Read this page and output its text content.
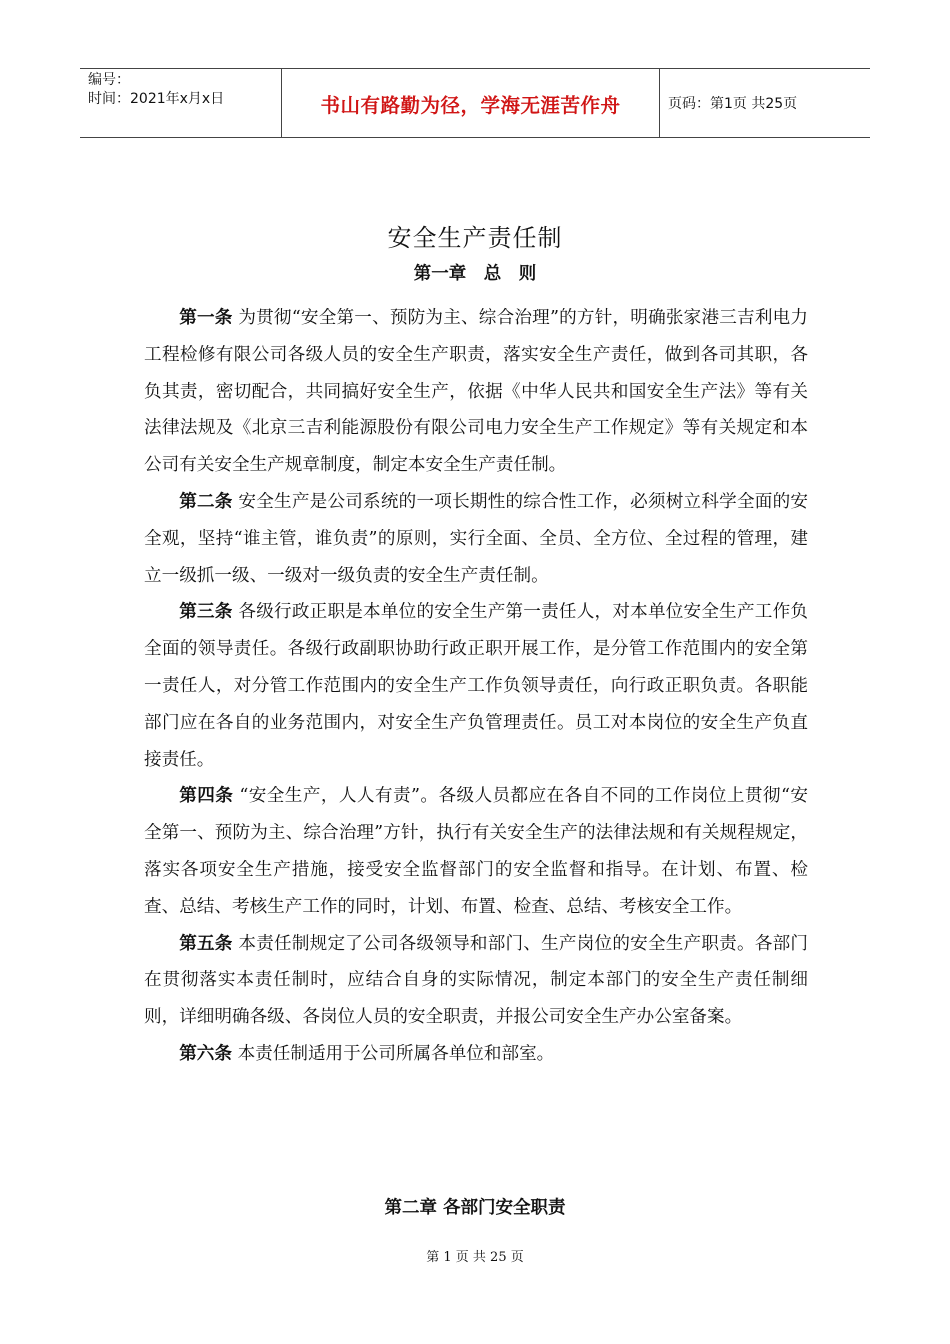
编号：
时间：2021年x月x日	书山有路勤为径，学海无涯苦作舟	页码：第1页 共25页
安全生产责任制
第一章　总　则

第一条 为贯彻“安全第一、预防为主、综合治理”的方针，明确张家港三吉利电力工程检修有限公司各级人员的安全生产职责，落实安全生产责任，做到各司其职，各负其责，密切配合，共同搞好安全生产，依据《中华人民共和国安全生产法》等有关法律法规及《北京三吉利能源股份有限公司电力安全生产工作规定》等有关规定和本公司有关安全生产规章制度，制定本安全生产责任制。

第二条 安全生产是公司系统的一项长期性的综合性工作，必须树立科学全面的安全观，坚持“谁主管，谁负责”的原则，实行全面、全员、全方位、全过程的管理，建立一级抓一级、一级对一级负责的安全生产责任制。

第三条 各级行政正职是本单位的安全生产第一责任人，对本单位安全生产工作负全面的领导责任。各级行政副职协助行政正职开展工作，是分管工作范围内的安全第一责任人，对分管工作范围内的安全生产工作负领导责任，向行政正职负责。各职能部门应在各自的业务范围内，对安全生产负管理责任。员工对本岗位的安全生产负直接责任。

第四条 “安全生产，人人有责”。各级人员都应在各自不同的工作岗位上贯彻“安全第一、预防为主、综合治理”方针，执行有关安全生产的法律法规和有关规程规定，落实各项安全生产措施，接受安全监督部门的安全监督和指导。在计划、布置、检查、总结、考核生产工作的同时，计划、布置、检查、总结、考核安全工作。

第五条 本责任制规定了公司各级领导和部门、生产岗位的安全生产职责。各部门在贯彻落实本责任制时，应结合自身的实际情况，制定本部门的安全生产责任制细则，详细明确各级、各岗位人员的安全职责，并报公司安全生产办公室备案。

第六条 本责任制适用于公司所属各单位和部室。

第二章 各部门安全职责
第 1 页 共 25 页
